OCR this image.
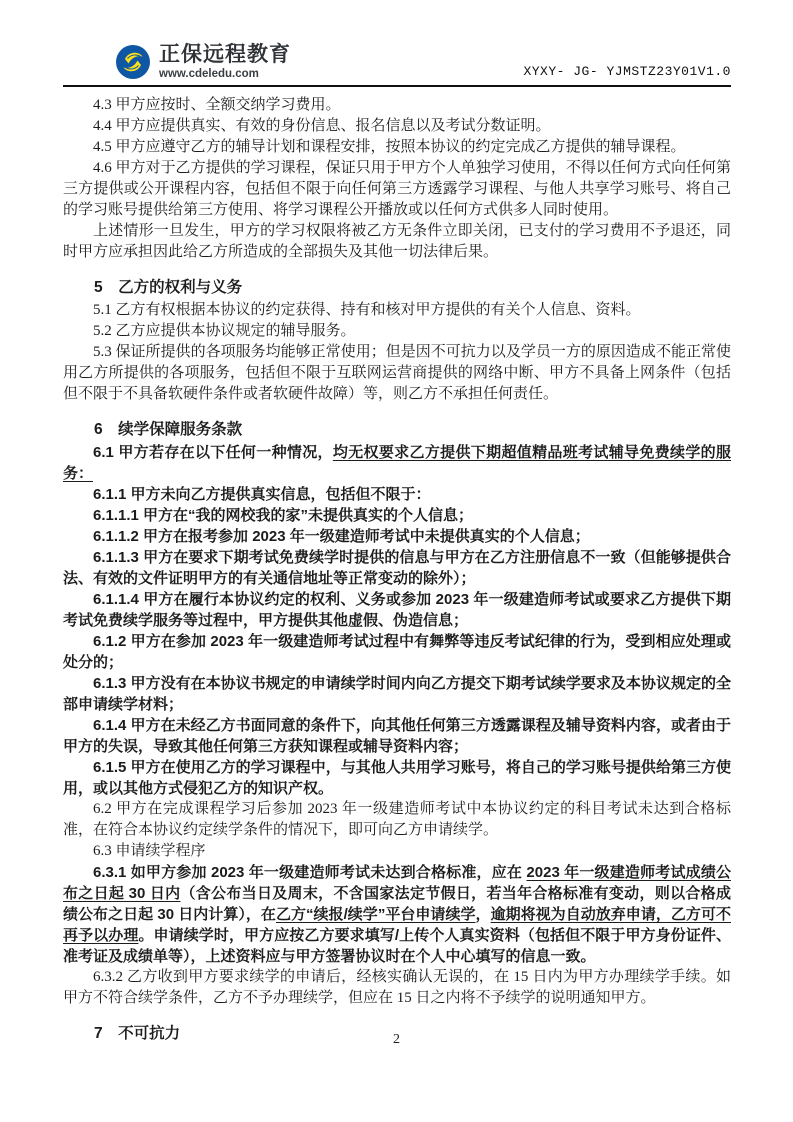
正保远程教育
www.cdeledu.com	XYXY- JG- YJMSTZ23Y01V1.0

4.3 甲方应按时、全额交纳学习费用。

4.4 甲方应提供真实、有效的身份信息、报名信息以及考试分数证明。

4.5 甲方应遵守乙方的辅导计划和课程安排，按照本协议的约定完成乙方提供的辅导课程。

4.6 甲方对于乙方提供的学习课程，保证只用于甲方个人单独学习使用，不得以任何方式向任何第三方提供或公开课程内容，包括但不限于向任何第三方透露学习课程、与他人共享学习账号、将自己的学习账号提供给第三方使用、将学习课程公开播放或以任何方式供多人同时使用。

上述情形一旦发生，甲方的学习权限将被乙方无条件立即关闭，已支付的学习费用不予退还，同时甲方应承担因此给乙方所造成的全部损失及其他一切法律后果。

5　乙方的权利与义务

5.1 乙方有权根据本协议的约定获得、持有和核对甲方提供的有关个人信息、资料。

5.2 乙方应提供本协议规定的辅导服务。

5.3 保证所提供的各项服务均能够正常使用；但是因不可抗力以及学员一方的原因造成不能正常使用乙方所提供的各项服务，包括但不限于互联网运营商提供的网络中断、甲方不具备上网条件（包括但不限于不具备软硬件条件或者软硬件故障）等，则乙方不承担任何责任。

6　续学保障服务条款

6.1 甲方若存在以下任何一种情况，均无权要求乙方提供下期超值精品班考试辅导免费续学的服务：

6.1.1 甲方未向乙方提供真实信息，包括但不限于：

6.1.1.1 甲方在“我的网校我的家”未提供真实的个人信息；

6.1.1.2 甲方在报考参加 2023 年一级建造师考试中未提供真实的个人信息；

6.1.1.3 甲方在要求下期考试免费续学时提供的信息与甲方在乙方注册信息不一致（但能够提供合法、有效的文件证明甲方的有关通信地址等正常变动的除外）；

6.1.1.4 甲方在履行本协议约定的权利、义务或参加 2023 年一级建造师考试或要求乙方提供下期考试免费续学服务等过程中，甲方提供其他虚假、伪造信息；

6.1.2 甲方在参加 2023 年一级建造师考试过程中有舞弊等违反考试纪律的行为，受到相应处理或处分的；

6.1.3 甲方没有在本协议书规定的申请续学时间内向乙方提交下期考试续学要求及本协议规定的全部申请续学材料；

6.1.4 甲方在未经乙方书面同意的条件下，向其他任何第三方透露课程及辅导资料内容，或者由于甲方的失误，导致其他任何第三方获知课程或辅导资料内容；

6.1.5 甲方在使用乙方的学习课程中，与其他人共用学习账号，将自己的学习账号提供给第三方使用，或以其他方式侵犯乙方的知识产权。

6.2 甲方在完成课程学习后参加 2023 年一级建造师考试中本协议约定的科目考试未达到合格标准，在符合本协议约定续学条件的情况下，即可向乙方申请续学。

6.3 申请续学程序

6.3.1 如甲方参加 2023 年一级建造师考试未达到合格标准，应在 2023 年一级建造师考试成绩公布之日起 30 日内（含公布当日及周末，不含国家法定节假日，若当年合格标准有变动，则以合格成绩公布之日起 30 日内计算），在乙方“续报/续学”平台申请续学，逾期将视为自动放弃申请，乙方可不再予以办理。申请续学时，甲方应按乙方要求填写/上传个人真实资料（包括但不限于甲方身份证件、准考证及成绩单等），上述资料应与甲方签署协议时在个人中心填写的信息一致。

6.3.2 乙方收到甲方要求续学的申请后，经核实确认无误的，在 15 日内为甲方办理续学手续。如甲方不符合续学条件，乙方不予办理续学，但应在 15 日之内将不予续学的说明通知甲方。

7　不可抗力	2
